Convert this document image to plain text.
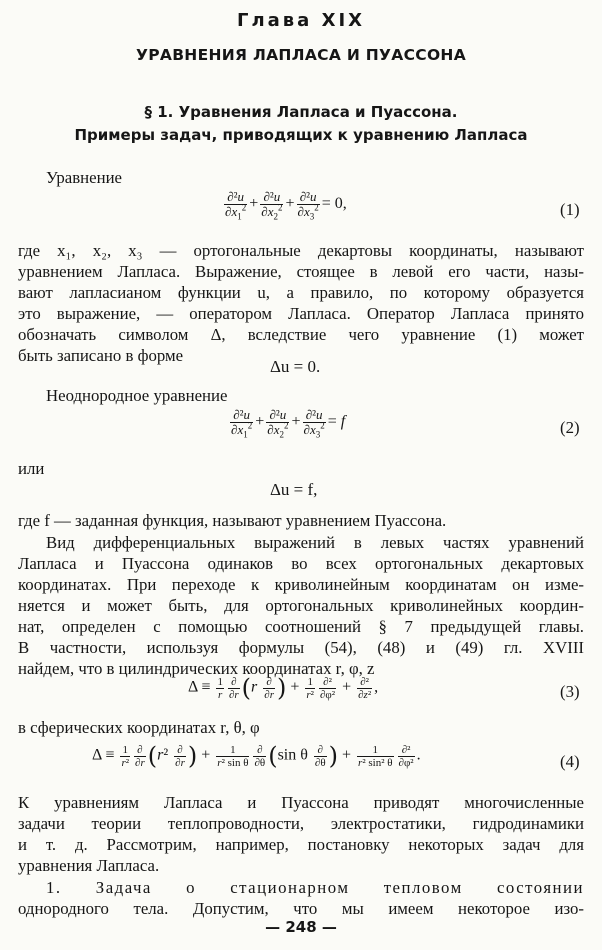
Глава XIX
УРАВНЕНИЯ ЛАПЛАСА И ПУАССОНА
§ 1. Уравнения Лапласа и Пуассона.
Примеры задач, приводящих к уравнению Лапласа
Уравнение
$\frac{\text{∂²u}}{\partial x_1^2} + \frac{\text{∂²u}}{\partial x_2^2} + \frac{\text{∂²u}}{\partial x_3^2} = 0$,	(1)
где x₁, x₂, x₃ — ортогональные декартовы координаты, называют
уравнением Лапласа. Выражение, стоящее в левой его части, назы-
вают лапласианом функции u, а правило, по которому образуется
это выражение, — оператором Лапласа. Оператор Лапласа принято
обозначать символом Δ, вследствие чего уравнение (1) может
быть записано в форме
Δu = 0.
Неоднородное уравнение
$\frac{\text{∂²u}}{\partial x_1^2} + \frac{\text{∂²u}}{\partial x_2^2} + \frac{\text{∂²u}}{\partial x_3^2} = f$	(2)
или
Δu = f,
где f — заданная функция, называют уравнением Пуассона.
Вид дифференциальных выражений в левых частях уравнений
Лапласа и Пуассона одинаков во всех ортогональных декартовых
координатах. При переходе к криволинейным координатам он изме-
няется и может быть, для ортогональных криволинейных координ-
нат, определен с помощью соотношений § 7 предыдущей главы.
В частности, используя формулы (54), (48) и (49) гл. XVIII
найдем, что в цилиндрических координатах r, φ, z
$\Delta \equiv \frac{1}{r} \frac{\partial}{\partial r} (r \frac{\partial}{\partial r}$ ) + $\frac{1}{\text{r²}} \frac{\text{∂²}}{\text{∂φ²}} + \frac{\text{∂²}}{\text{∂z²}}$ ,	(3)
в сферических координатах r, θ, φ
$\Delta \equiv \frac{1}{\text{r²}} \frac{\partial}{\partial r} (r^2 \frac{\partial}{\partial r}$ ) + $\frac{1}{\text{r² sin θ}} \frac{\partial}{\partial\theta} (\sin$ θ $\frac{\partial}{\partial\theta}$ ) + $\frac{1}{\text{r² sin² θ}} \frac{\text{∂²}}{\text{∂φ²}}$ .	(4)
К уравнениям Лапласа и Пуассона приводят многочисленные
задачи теории теплопроводности, электростатики, гидродинамики
и т. д. Рассмотрим, например, постановку некоторых задач для
уравнения Лапласа.
1. Задача о стационарном тепловом состоянии
однородного тела. Допустим, что мы имеем некоторое изо-
— 248 —
